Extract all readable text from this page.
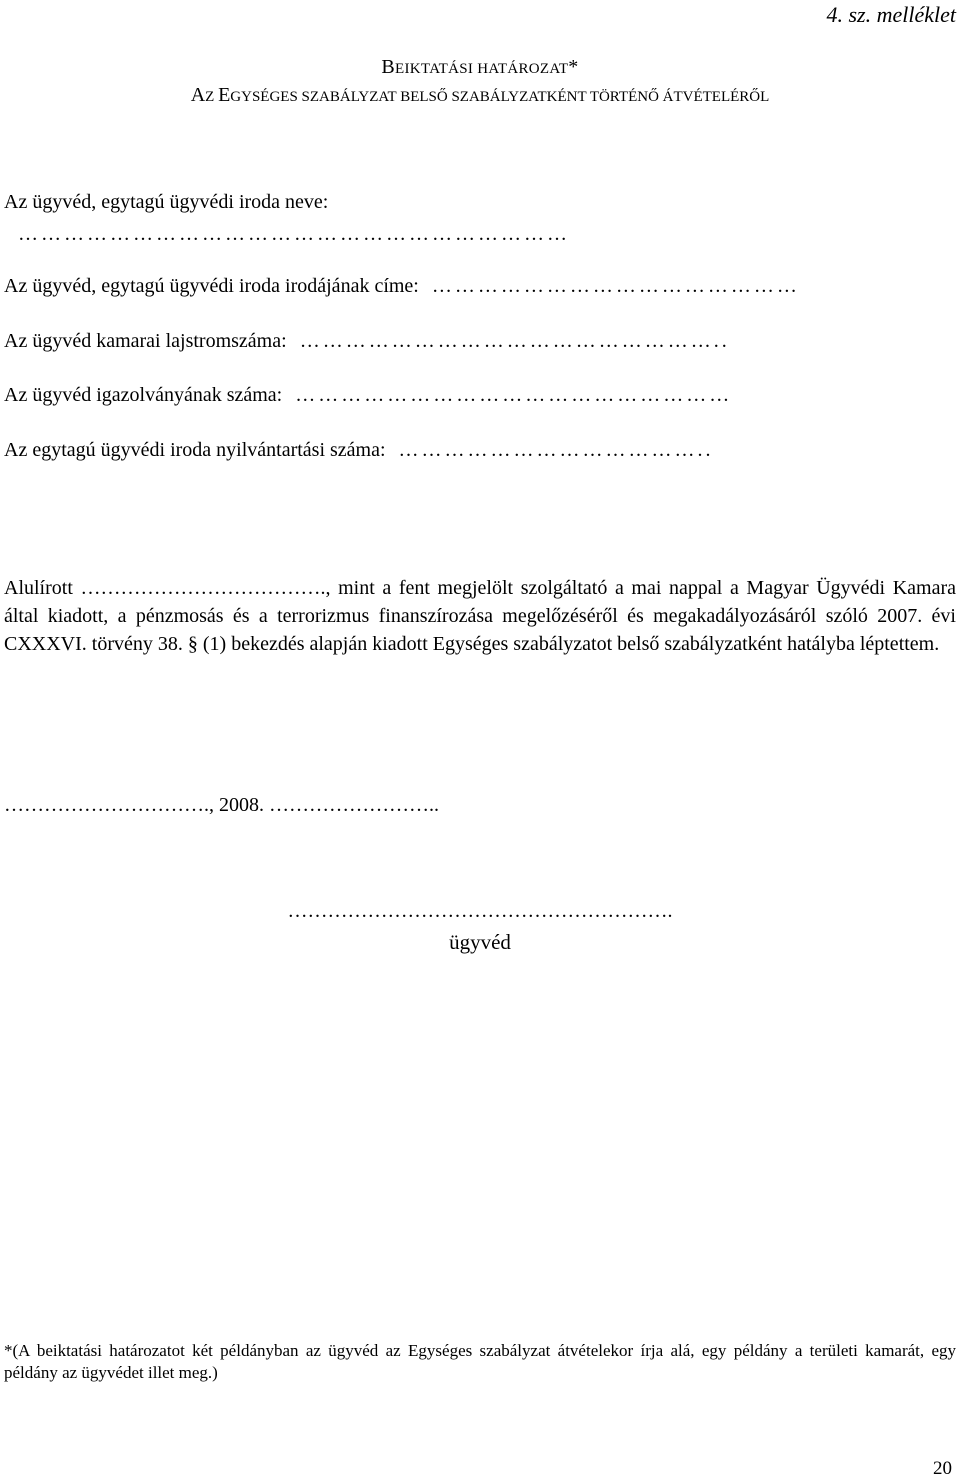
4. sz. melléklet
BEIKTATÁSI HATÁROZAT*
AZ EGYSÉGES SZABÁLYZAT BELSŐ SZABÁLYZATKÉNT TÖRTÉNŐ ÁTVÉTELÉRŐL
Az ügyvéd, egytagú ügyvédi iroda neve:
………………………………………………………………
Az ügyvéd, egytagú ügyvédi iroda irodájának címe: …………………………………………
Az ügyvéd kamarai lajstromszáma: ………………………………………………..
Az ügyvéd igazolványának száma: …………………………………………………
Az egytagú ügyvédi iroda nyilvántartási száma: …………………………………..
Alulírott ………………………………., mint a fent megjelölt szolgáltató a mai nappal a Magyar Ügyvédi Kamara által kiadott, a pénzmosás és a terrorizmus finanszírozása megelőzéséről és megakadályozásáról szóló 2007. évi CXXXVI. törvény 38. § (1) bekezdés alapján kiadott Egységes szabályzatot belső szabályzatként hatályba léptettem.
…………………………., 2008. ……………………..
………………………………………………….
ügyvéd
*(A beiktatási határozatot két példányban az ügyvéd az Egységes szabályzat átvételekor írja alá, egy példány a területi kamarát, egy példány az ügyvédet illet meg.)
20
